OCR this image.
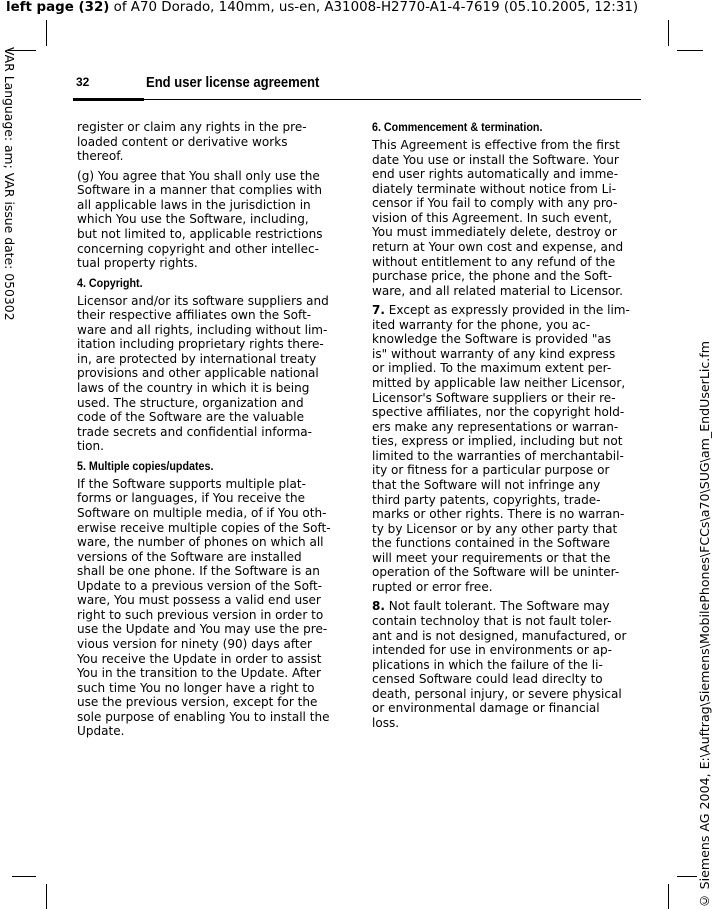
left page (32) of A70 Dorado, 140mm, us-en, A31008-H2770-A1-4-7619 (05.10.2005, 12:31)
VAR Language: am; VAR issue date: 050302
© Siemens AG 2004, E:\Auftrag\Siemens\MobilePhones\FCCs\a70\SUG\am_EndUserLic.fm
32	End user license agreement

register or claim any rights in the pre-
loaded content or derivative works
thereof.

(g) You agree that You shall only use the
Software in a manner that complies with
all applicable laws in the jurisdiction in
which You use the Software, including,
but not limited to, applicable restrictions
concerning copyright and other intellec-
tual property rights.

4. Copyright.

Licensor and/or its software suppliers and
their respective affiliates own the Soft-
ware and all rights, including without lim-
itation including proprietary rights there-
in, are protected by international treaty
provisions and other applicable national
laws of the country in which it is being
used. The structure, organization and
code of the Software are the valuable
trade secrets and confidential informa-
tion.

5. Multiple copies/updates.

If the Software supports multiple plat-
forms or languages, if You receive the
Software on multiple media, of if You oth-
erwise receive multiple copies of the Soft-
ware, the number of phones on which all
versions of the Software are installed
shall be one phone. If the Software is an
Update to a previous version of the Soft-
ware, You must possess a valid end user
right to such previous version in order to
use the Update and You may use the pre-
vious version for ninety (90) days after
You receive the Update in order to assist
You in the transition to the Update. After
such time You no longer have a right to
use the previous version, except for the
sole purpose of enabling You to install the
Update.

6. Commencement & termination.

This Agreement is effective from the first
date You use or install the Software. Your
end user rights automatically and imme-
diately terminate without notice from Li-
censor if You fail to comply with any pro-
vision of this Agreement. In such event,
You must immediately delete, destroy or
return at Your own cost and expense, and
without entitlement to any refund of the
purchase price, the phone and the Soft-
ware, and all related material to Licensor.

7. Except as expressly provided in the lim-
ited warranty for the phone, you ac-
knowledge the Software is provided "as
is" without warranty of any kind express
or implied. To the maximum extent per-
mitted by applicable law neither Licensor,
Licensor's Software suppliers or their re-
spective affiliates, nor the copyright hold-
ers make any representations or warran-
ties, express or implied, including but not
limited to the warranties of merchantabil-
ity or fitness for a particular purpose or
that the Software will not infringe any
third party patents, copyrights, trade-
marks or other rights. There is no warran-
ty by Licensor or by any other party that
the functions contained in the Software
will meet your requirements or that the
operation of the Software will be uninter-
rupted or error free.

8. Not fault tolerant. The Software may
contain technoloy that is not fault toler-
ant and is not designed, manufactured, or
intended for use in environments or ap-
plications in which the failure of the li-
censed Software could lead direclty to
death, personal injury, or severe physical
or environmental damage or financial
loss.
